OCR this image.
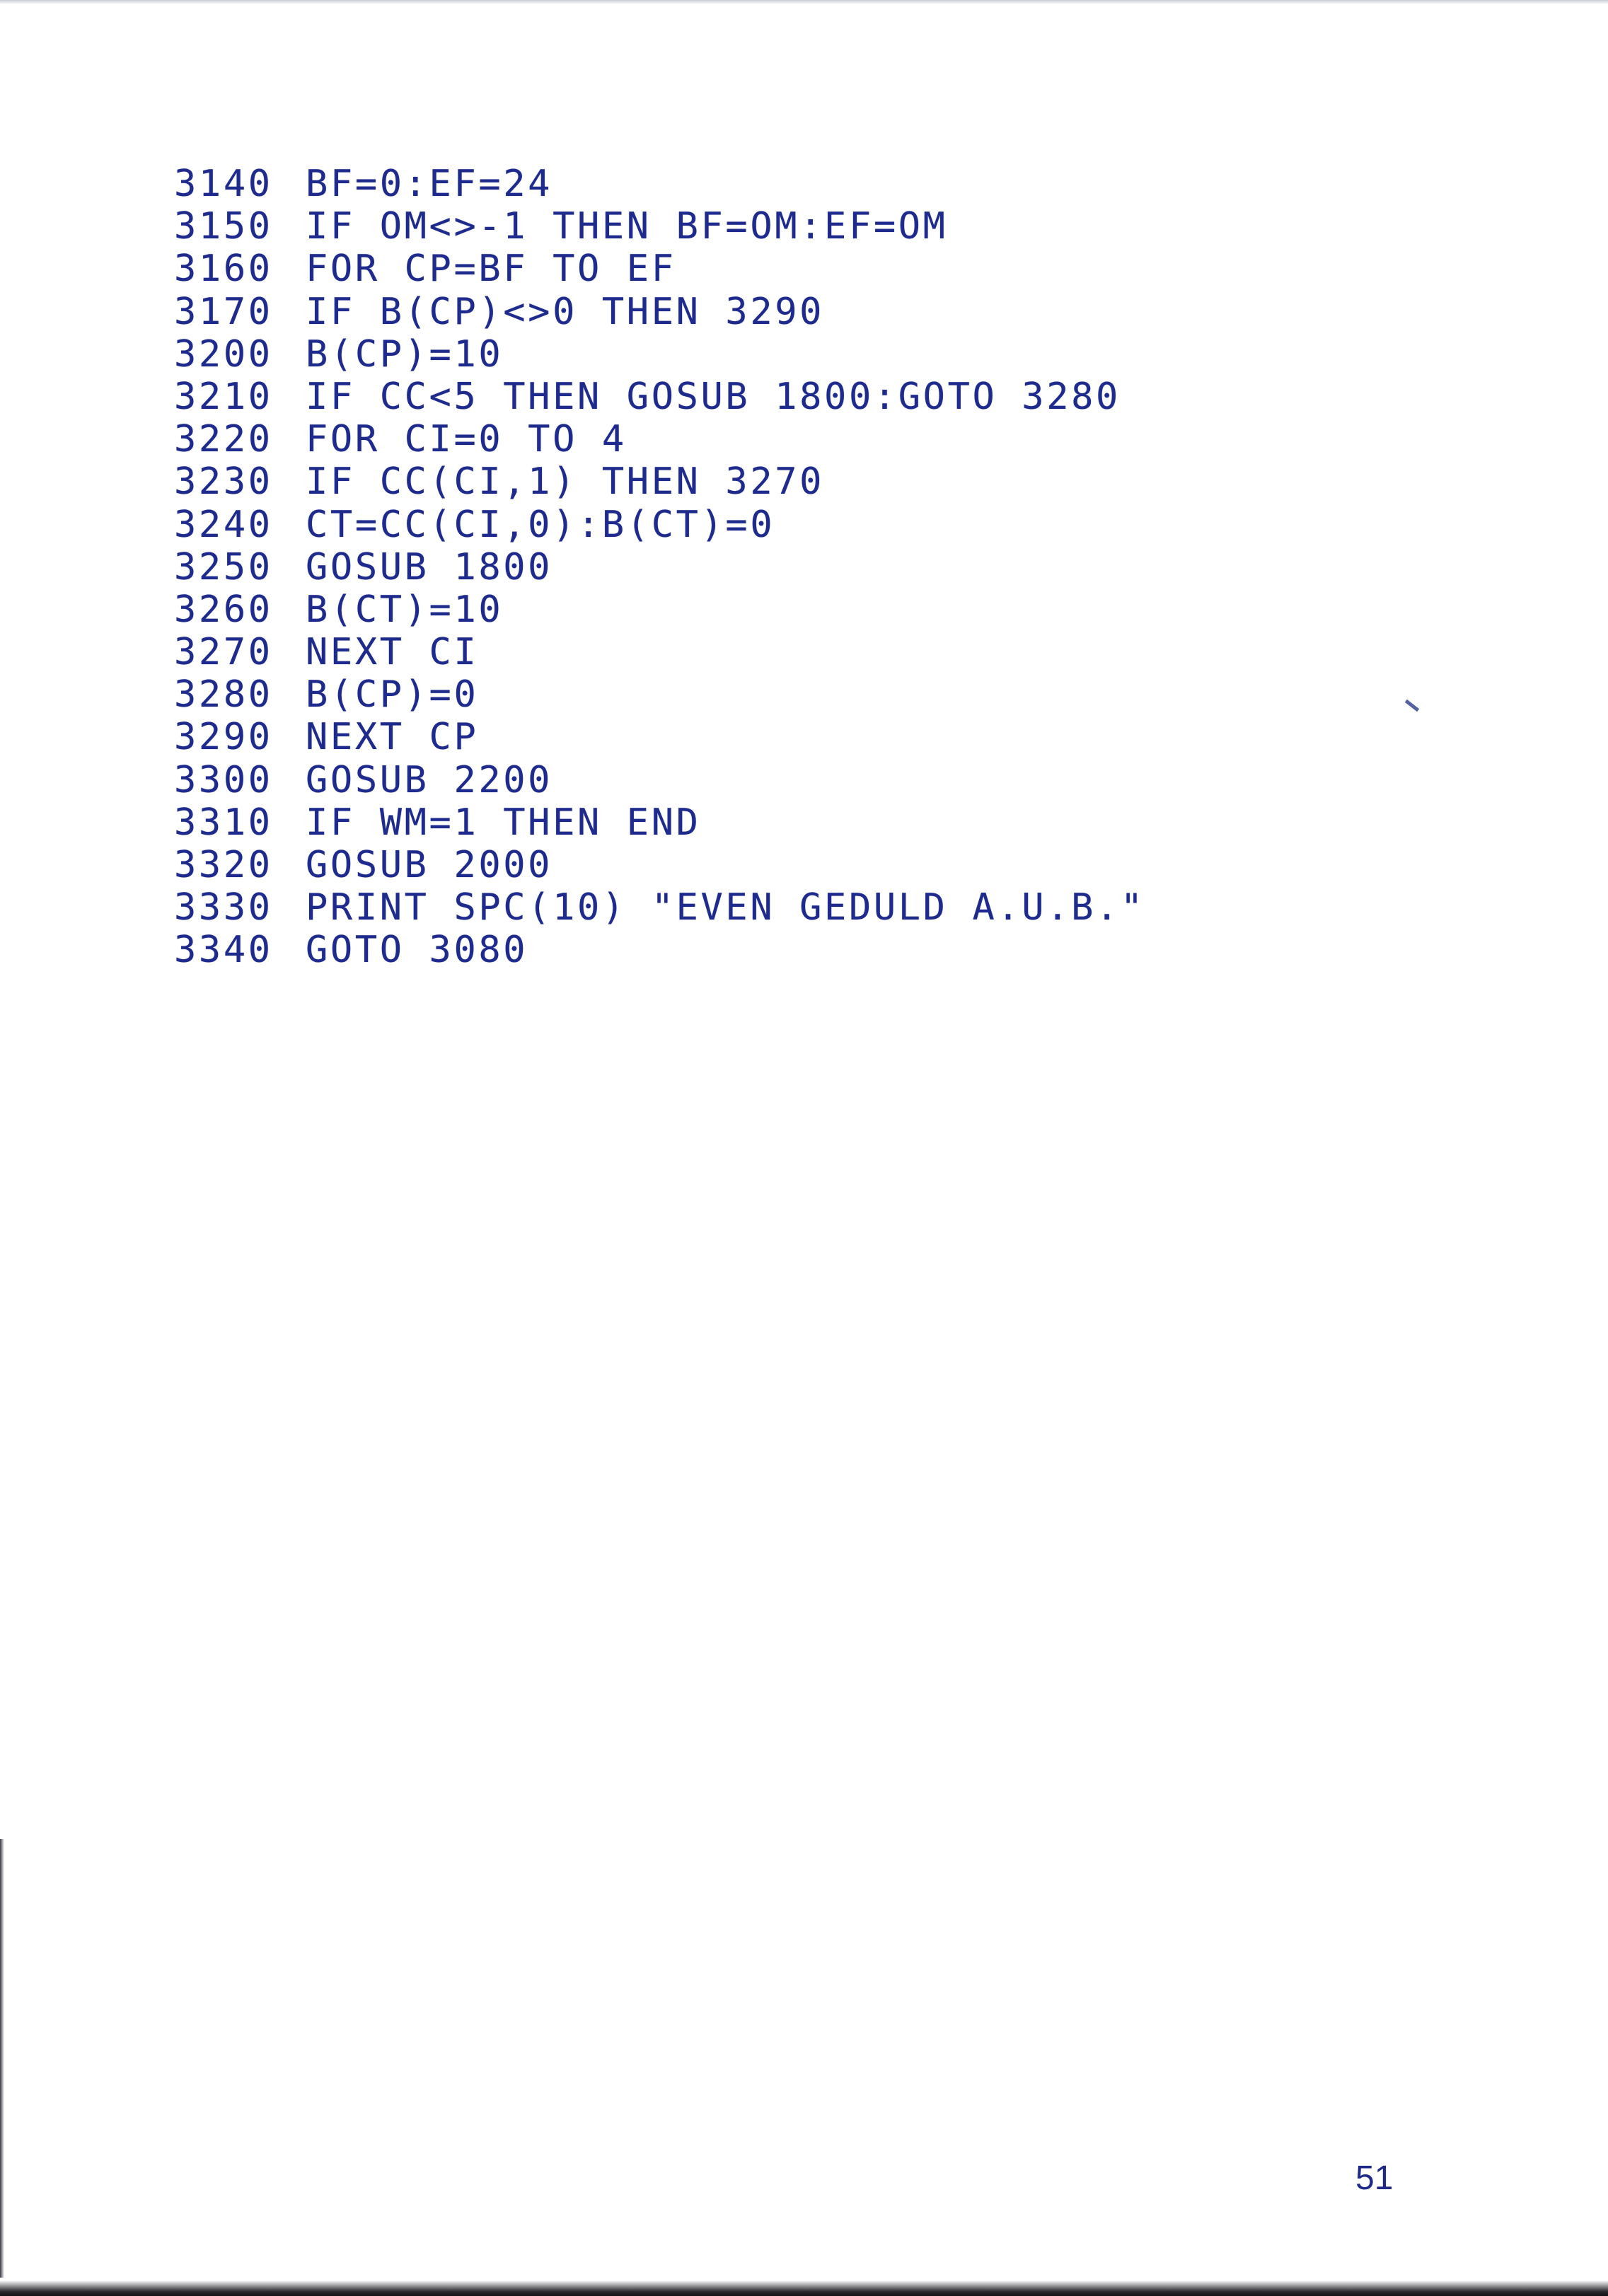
3140 BF=0:EF=24
3150 IF OM<>-1 THEN BF=OM:EF=OM
3160 FOR CP=BF TO EF
3170 IF B(CP)<>0 THEN 3290
3200 B(CP)=10
3210 IF CC<5 THEN GOSUB 1800:GOTO 3280
3220 FOR CI=0 TO 4
3230 IF CC(CI,1) THEN 3270
3240 CT=CC(CI,0):B(CT)=0
3250 GOSUB 1800
3260 B(CT)=10
3270 NEXT CI
3280 B(CP)=0
3290 NEXT CP
3300 GOSUB 2200
3310 IF WM=1 THEN END
3320 GOSUB 2000
3330 PRINT SPC(10) "EVEN GEDULD A.U.B."
3340 GOTO 3080
51
